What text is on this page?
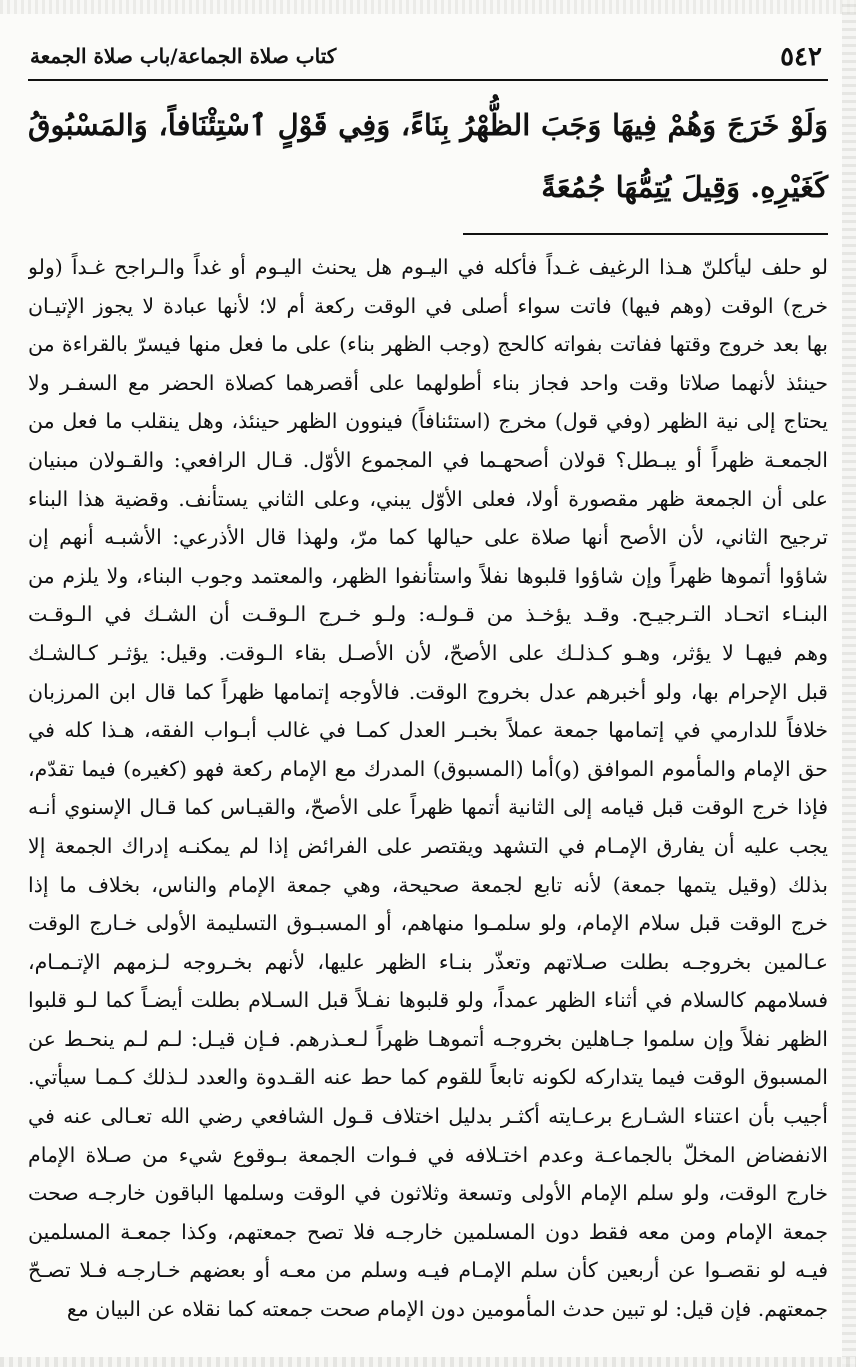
٥٤٢
كتاب صلاة الجماعة/باب صلاة الجمعة
وَلَوْ خَرَجَ وَهُمْ فِيهَا وَجَبَ الظُّهْرُ بِنَاءً، وَفِي قَوْلٍ ٱسْتِئْنَافاً، وَالمَسْبُوقُ كَغَيْرِهِ. وَقِيلَ يُتِمُّهَا جُمُعَةً
لو حلف ليأكلنّ هـذا الرغيف غـداً فأكله في اليـوم هل يحنث اليـوم أو غداً والـراجح غـداً (ولو
خرج) الوقت (وهم فيها) فاتت سواء أصلى في الوقت ركعة أم لا؛ لأنها عبادة لا يجوز الإتيـان
بها بعد خروج وقتها ففاتت بفواته كالحج (وجب الظهر بناء) على ما فعل منها فيسرّ بالقراءة من
حينئذ لأنهما صلاتا وقت واحد فجاز بناء أطولهما على أقصرهما كصلاة الحضر مع السفـر ولا
يحتاج إلى نية الظهر (وفي قول) مخرج (استئنافاً) فينوون الظهر حينئذ، وهل ينقلب ما فعل من
الجمعـة ظهراً أو يبـطل؟ قولان أصحهـما في المجموع الأوّل. قـال الرافعي: والقـولان مبنيان
على أن الجمعة ظهر مقصورة أولا، فعلى الأوّل يبني، وعلى الثاني يستأنف. وقضية هذا البناء
ترجيح الثاني، لأن الأصح أنها صلاة على حيالها كما مرّ، ولهذا قال الأذرعي: الأشبـه أنهم إن
شاؤوا أتموها ظهراً وإن شاؤوا قلبوها نفلاً واستأنفوا الظهر، والمعتمد وجوب البناء، ولا يلزم من
البنـاء اتحـاد التـرجيـح. وقـد يؤخـذ من قـولـه: ولـو خـرج الـوقـت أن الشـك في الـوقـت
وهم فيهـا لا يؤثر، وهـو كـذلـك على الأصحّ، لأن الأصـل بقاء الـوقت. وقيل: يؤثـر كـالشـك
قبل الإحرام بها، ولو أخبرهم عدل بخروج الوقت. فالأوجه إتمامها ظهراً كما قال ابن المرزبان
خلافاً للدارمي في إتمامها جمعة عملاً بخبـر العدل كمـا في غالب أبـواب الفقه، هـذا كله في
حق الإمام والمأموم الموافق (و)أما (المسبوق) المدرك مع الإمام ركعة فهو (كغيره) فيما تقدّم،
فإذا خرج الوقت قبل قيامه إلى الثانية أتمها ظهراً على الأصحّ، والقيـاس كما قـال الإسنوي أنـه
يجب عليه أن يفارق الإمـام في التشهد ويقتصر على الفرائض إذا لم يمكنـه إدراك الجمعة إلا
بذلك (وقيل يتمها جمعة) لأنه تابع لجمعة صحيحة، وهي جمعة الإمام والناس، بخلاف ما إذا
خرج الوقت قبل سلام الإمام، ولو سلمـوا منهاهم، أو المسبـوق التسليمة الأولى خـارج الوقت
عـالمين بخروجـه بطلت صـلاتهم وتعذّر بنـاء الظهر عليها، لأنهم بخـروجه لـزمهم الإتـمـام،
فسلامهم كالسلام في أثناء الظهر عمداً، ولو قلبوها نفـلاً قبل السـلام بطلت أيضـاً كما لـو قلبوا
الظهر نفلاً وإن سلموا جـاهلين بخروجـه أتموهـا ظهراً لـعـذرهم. فـإن قيـل: لـم لـم ينحـط عن
المسبوق الوقت فيما يتداركه لكونه تابعاً للقوم كما حط عنه القـدوة والعدد لـذلك كـمـا سيأتي.
أجيب بأن اعتناء الشـارع برعـايته أكثـر بدليل اختلاف قـول الشافعي رضي الله تعـالى عنه في
الانفضاض المخلّ بالجماعـة وعدم اختـلافه في فـوات الجمعة بـوقوع شيء من صـلاة الإمام
خارج الوقت، ولو سلم الإمام الأولى وتسعة وثلاثون في الوقت وسلمها الباقون خارجـه صحت
جمعة الإمام ومن معه فقط دون المسلمين خارجـه فلا تصح جمعتهم، وكذا جمعـة المسلمين
فيـه لو نقصـوا عن أربعين كأن سلم الإمـام فيـه وسلم من معـه أو بعضهم خـارجـه فـلا تصـحّ
جمعتهم. فإن قيل: لو تبين حدث المأمومين دون الإمام صحت جمعته كما نقلاه عن البيان مع
